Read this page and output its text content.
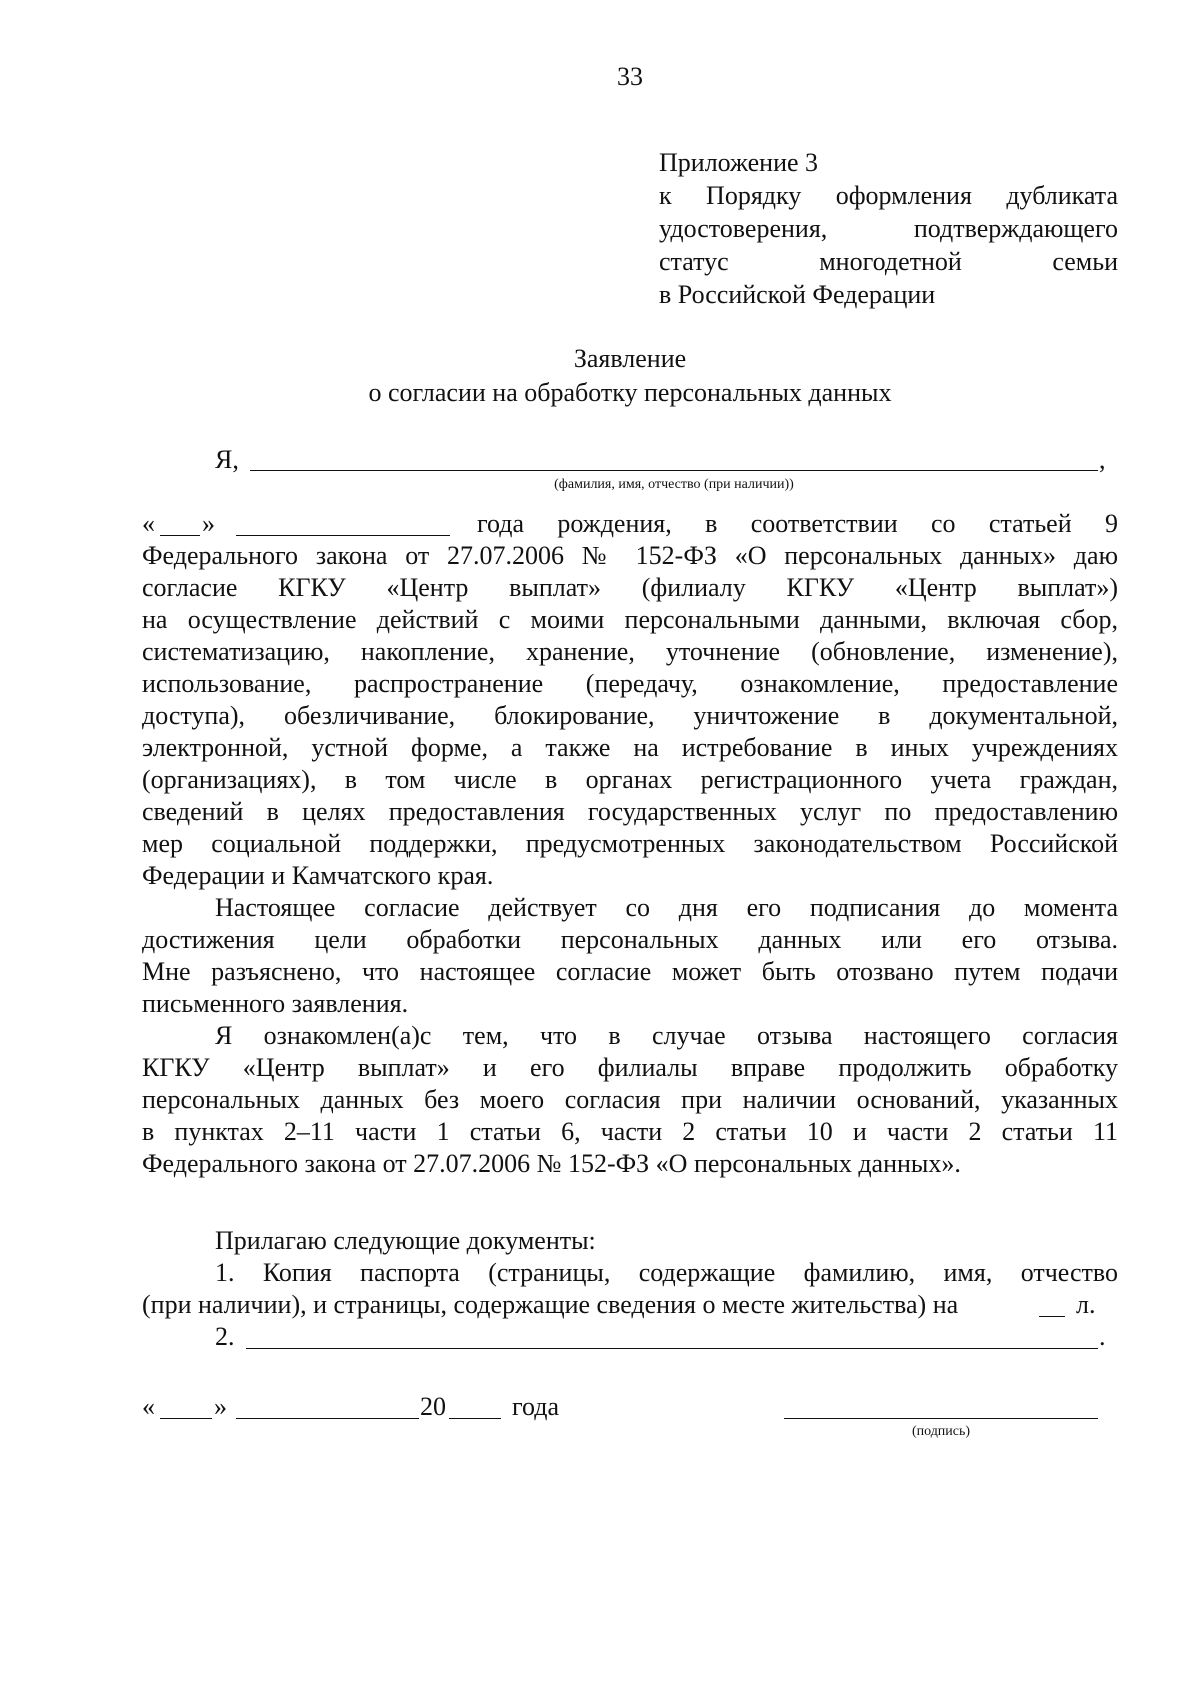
33
Приложение 3
к Порядку оформления дубликата
удостоверения, подтверждающего
статус многодетной семьи
в Российской Федерации
Заявление
о согласии на обработку персональных данных
Я,	,
(фамилия, имя, отчество (при наличии))
« »	года рождения, в соответствии со статьей 9
Федерального закона от 27.07.2006 № 152-ФЗ «О персональных данных» даю
согласие КГКУ «Центр выплат» (филиалу КГКУ «Центр выплат»)
на осуществление действий с моими персональными данными, включая сбор,
систематизацию, накопление, хранение, уточнение (обновление, изменение),
использование, распространение (передачу, ознакомление, предоставление
доступа), обезличивание, блокирование, уничтожение в документальной,
электронной, устной форме, а также на истребование в иных учреждениях
(организациях), в том числе в органах регистрационного учета граждан,
сведений в целях предоставления государственных услуг по предоставлению
мер социальной поддержки, предусмотренных законодательством Российской
Федерации и Камчатского края.
Настоящее согласие действует со дня его подписания до момента
достижения цели обработки персональных данных или его отзыва.
Мне разъяснено, что настоящее согласие может быть отозвано путем подачи
письменного заявления.
Я ознакомлен(а)с тем, что в случае отзыва настоящего согласия
КГКУ «Центр выплат» и его филиалы вправе продолжить обработку
персональных данных без моего согласия при наличии оснований, указанных
в пунктах 2–11 части 1 статьи 6, части 2 статьи 10 и части 2 статьи 11
Федерального закона от 27.07.2006 № 152-ФЗ «О персональных данных».
Прилагаю следующие документы:
1. Копия паспорта (страницы, содержащие фамилию, имя, отчество
(при наличии), и страницы, содержащие сведения о месте жительства) на	л.
2.	.
« »	20	года
(подпись)
